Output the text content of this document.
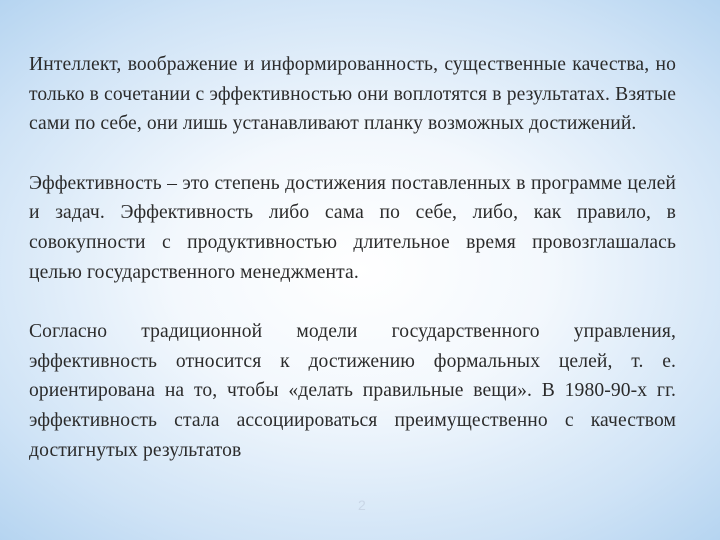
Интеллект, воображение и информированность, существенные качества, но только в сочетании с эффективностью они воплотятся в результатах. Взятые сами по себе, они лишь устанавливают планку возможных достижений.

Эффективность – это степень достижения поставленных в программе целей и задач. Эффективность либо сама по себе, либо, как правило, в совокупности с продуктивностью длительное время провозглашалась целью государственного менеджмента.

Согласно традиционной модели государственного управления, эффективность относится к достижению формальных целей, т. е. ориентирована на то, чтобы «делать правильные вещи». В 1980-90-х гг. эффективность стала ассоциироваться преимущественно с качеством достигнутых результатов

2
